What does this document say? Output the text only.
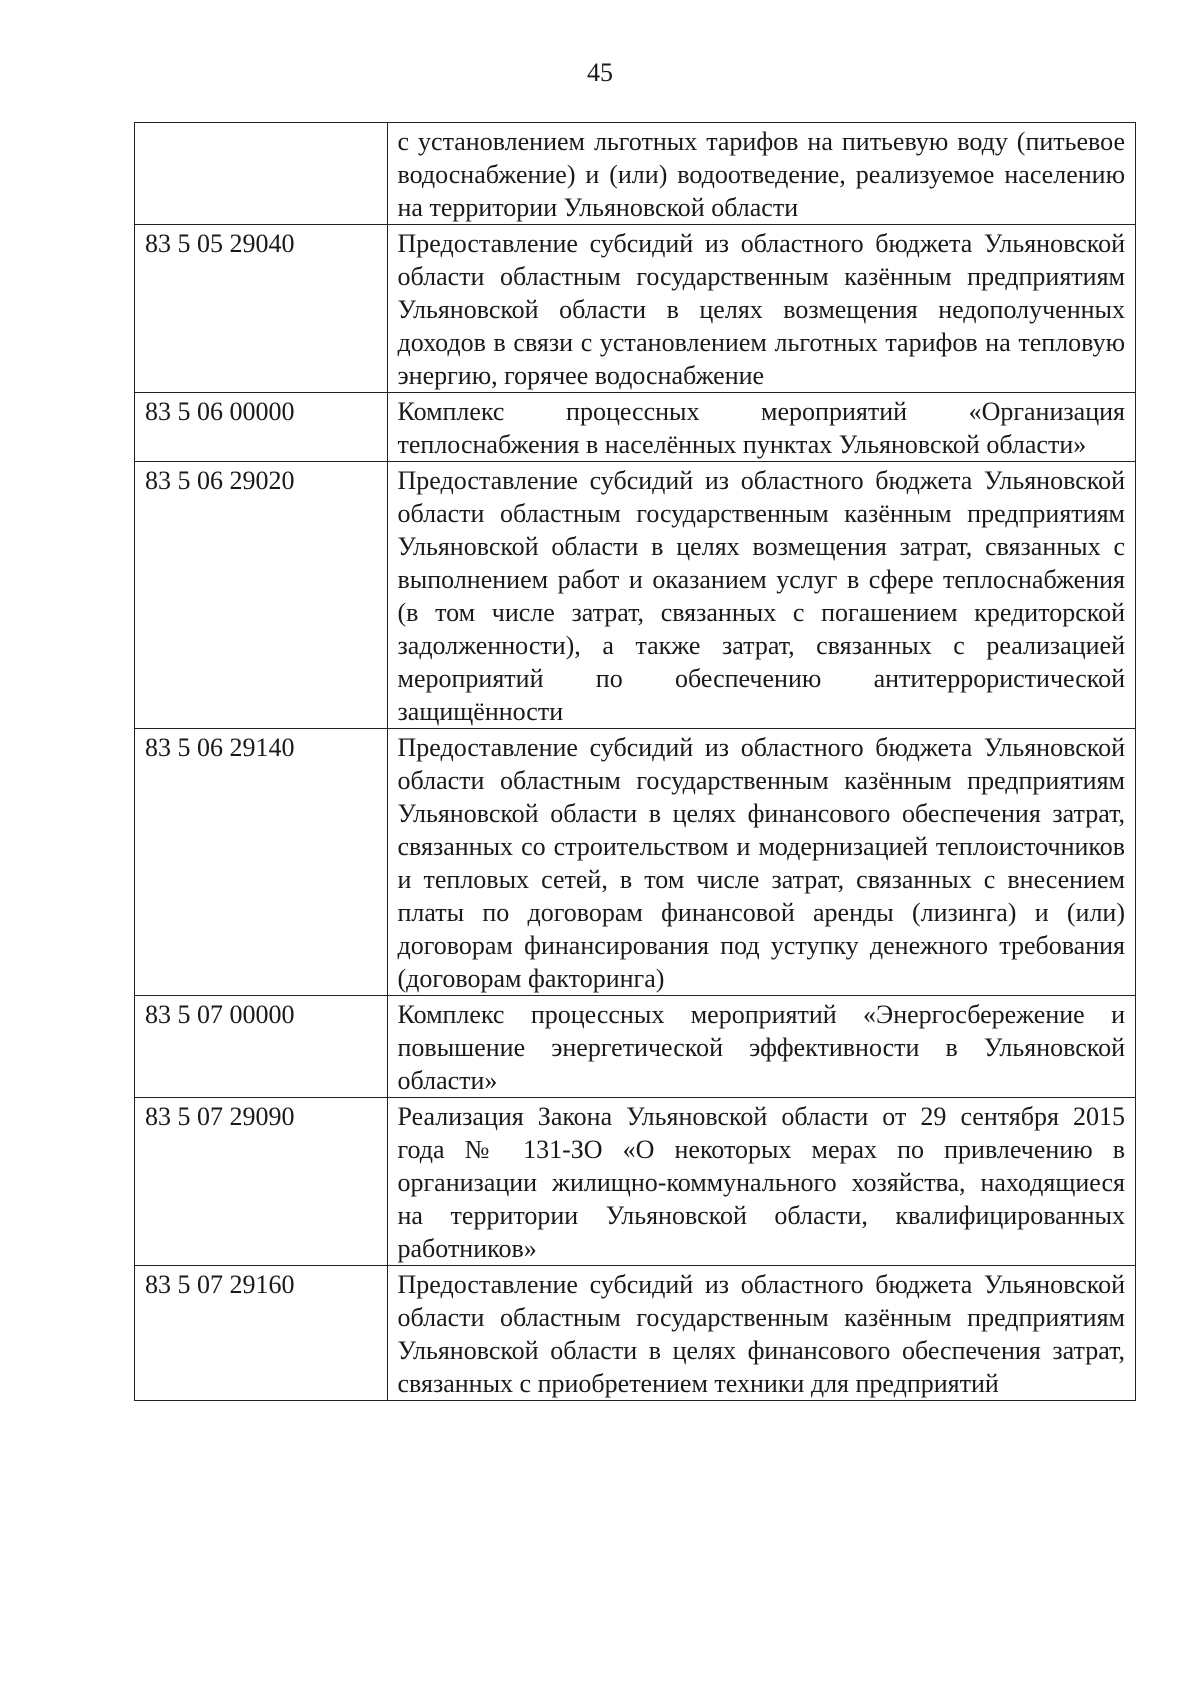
45
	с установлением льготных тарифов на питьевую воду (питьевое водоснабжение) и (или) водоотведение, реализуемое населению на территории Ульяновской области
83 5 05 29040	Предоставление субсидий из областного бюджета Ульяновской области областным государственным казённым предприятиям Ульяновской области в целях возмещения недополученных доходов в связи с установлением льготных тарифов на тепловую энергию, горячее водоснабжение
83 5 06 00000	Комплекс процессных мероприятий «Организация теплоснабжения в населённых пунктах Ульяновской области»
83 5 06 29020	Предоставление субсидий из областного бюджета Ульяновской области областным государственным казённым предприятиям Ульяновской области в целях возмещения затрат, связанных с выполнением работ и оказанием услуг в сфере теплоснабжения (в том числе затрат, связанных с погашением кредиторской задолженности), а также затрат, связанных с реализацией мероприятий по обеспечению антитеррористической защищённости
83 5 06 29140	Предоставление субсидий из областного бюджета Ульяновской области областным государственным казённым предприятиям Ульяновской области в целях финансового обеспечения затрат, связанных со строительством и модернизацией теплоисточников и тепловых сетей, в том числе затрат, связанных с внесением платы по договорам финансовой аренды (лизинга) и (или) договорам финансирования под уступку денежного требования (договорам факторинга)
83 5 07 00000	Комплекс процессных мероприятий «Энергосбережение и повышение энергетической эффективности в Ульяновской области»
83 5 07 29090	Реализация Закона Ульяновской области от 29 сентября 2015 года № 131-ЗО «О некоторых мерах по привлечению в организации жилищно-коммунального хозяйства, находящиеся на территории Ульяновской области, квалифицированных работников»
83 5 07 29160	Предоставление субсидий из областного бюджета Ульяновской области областным государственным казённым предприятиям Ульяновской области в целях финансового обеспечения затрат, связанных с приобретением техники для предприятий
